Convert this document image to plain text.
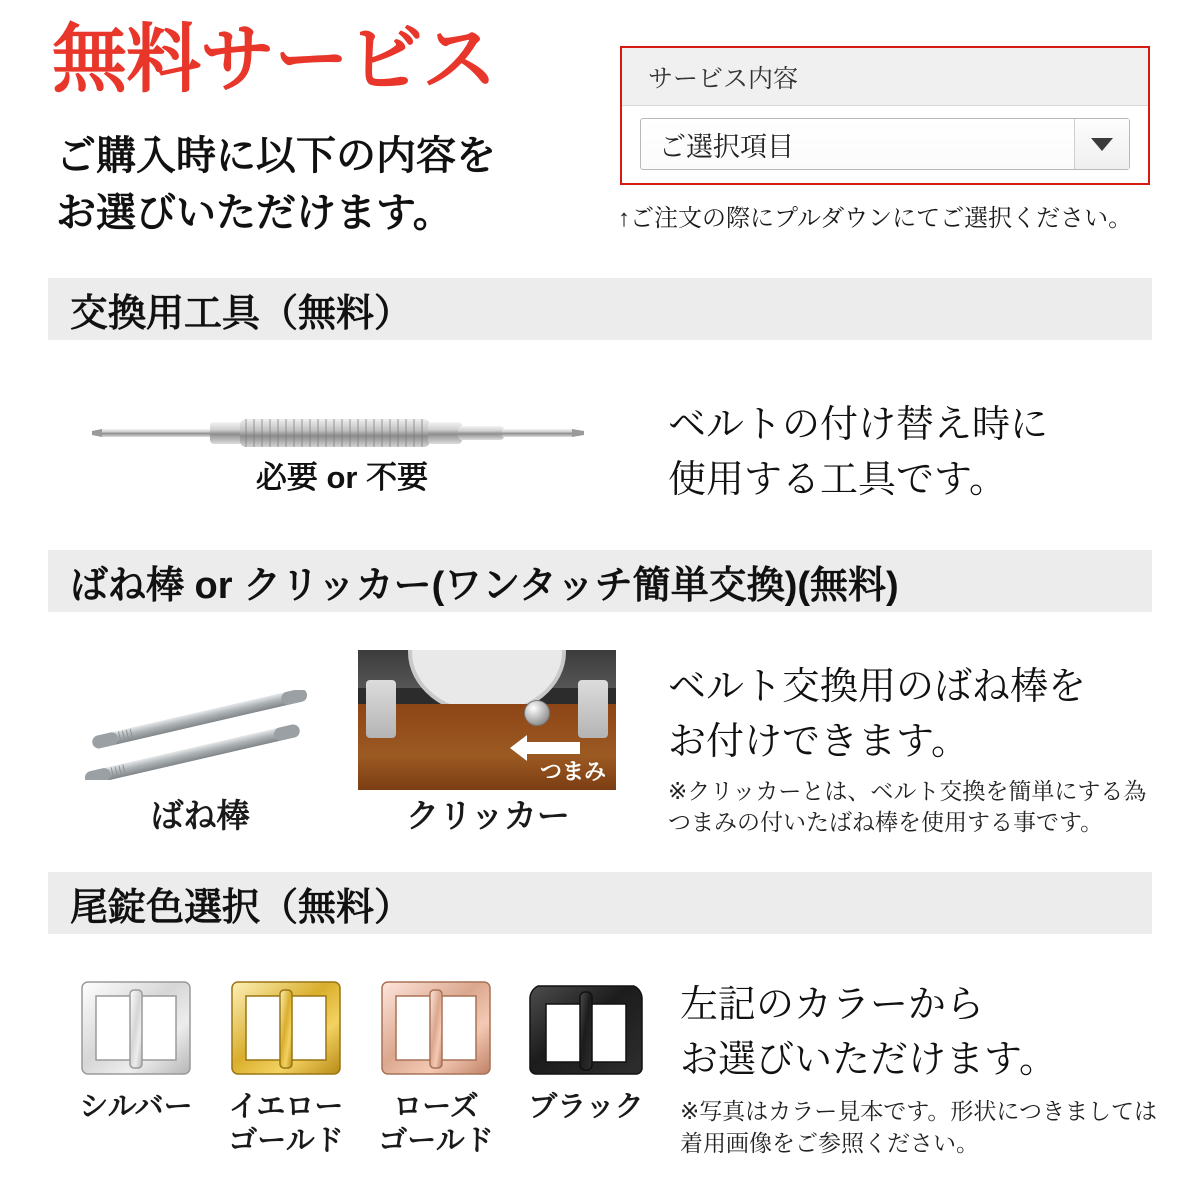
無料サービス
ご購入時に以下の内容を
お選びいただけます。
サービス内容
ご選択項目
↑ご注文の際にプルダウンにてご選択ください。
交換用工具（無料）
必要 or 不要
ベルトの付け替え時に
使用する工具です。
ばね棒 or クリッカー(ワンタッチ簡単交換)(無料)
ばね棒
つまみ
クリッカー
ベルト交換用のばね棒を
お付けできます。
※クリッカーとは、ベルト交換を簡単にする為
つまみの付いたばね棒を使用する事です。
尾錠色選択（無料）
シルバー	イエロー
ゴールド
ローズ
ゴールド
ブラック
左記のカラーから
お選びいただけます。
※写真はカラー見本です。形状につきましては
着用画像をご参照ください。
